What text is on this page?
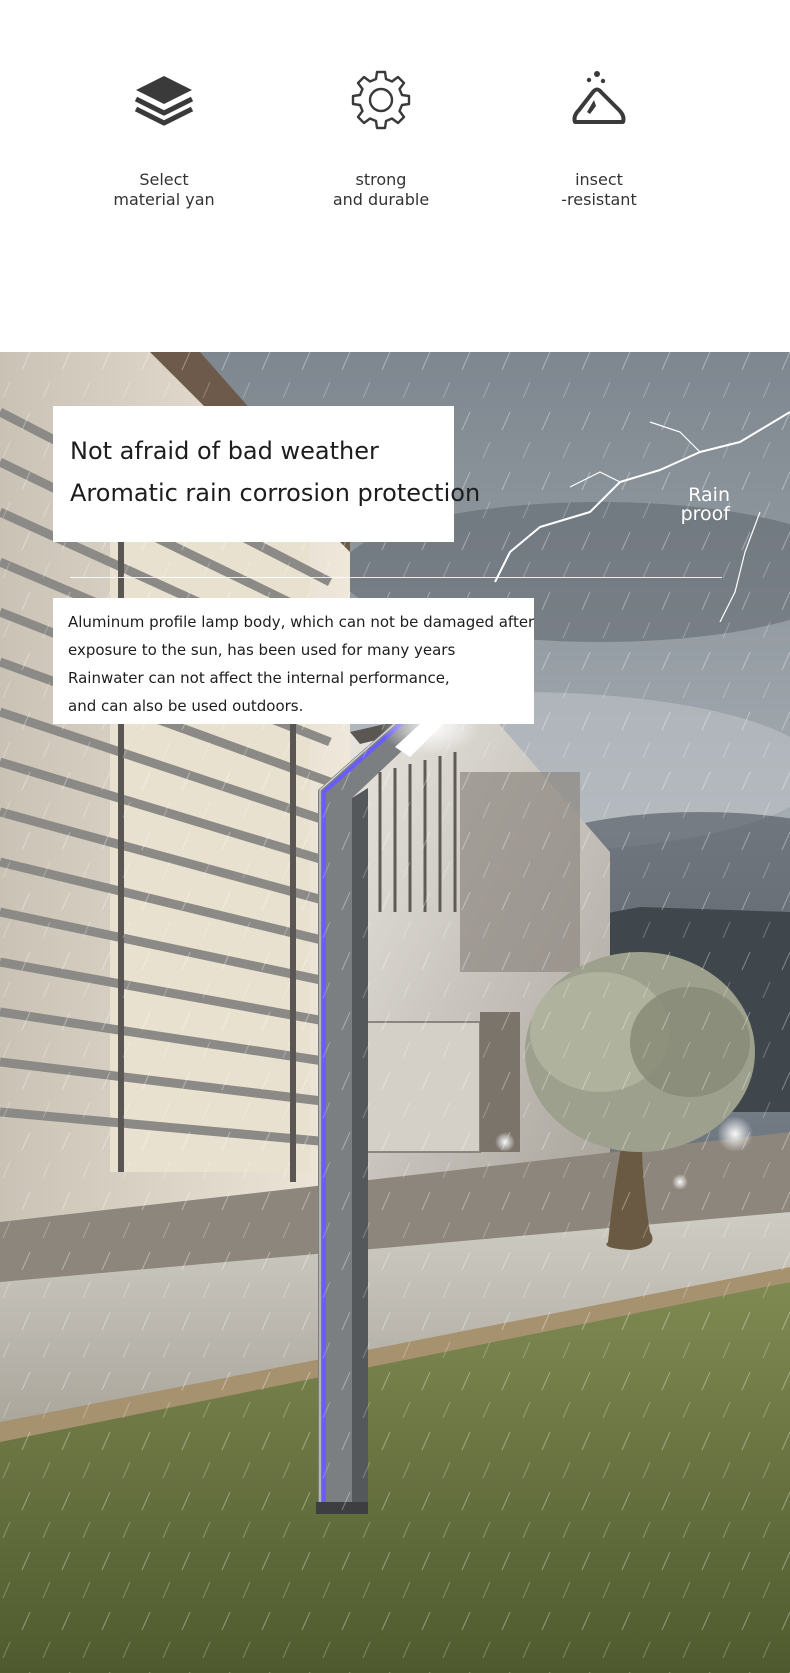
Select
material yan
strong
and durable
insect
-resistant
Not afraid of bad weather
Aromatic rain corrosion protection	Rain
proof
Aluminum profile lamp body, which can not be damaged after
exposure to the sun, has been used for many years
Rainwater can not affect the internal performance,
and can also be used outdoors.
